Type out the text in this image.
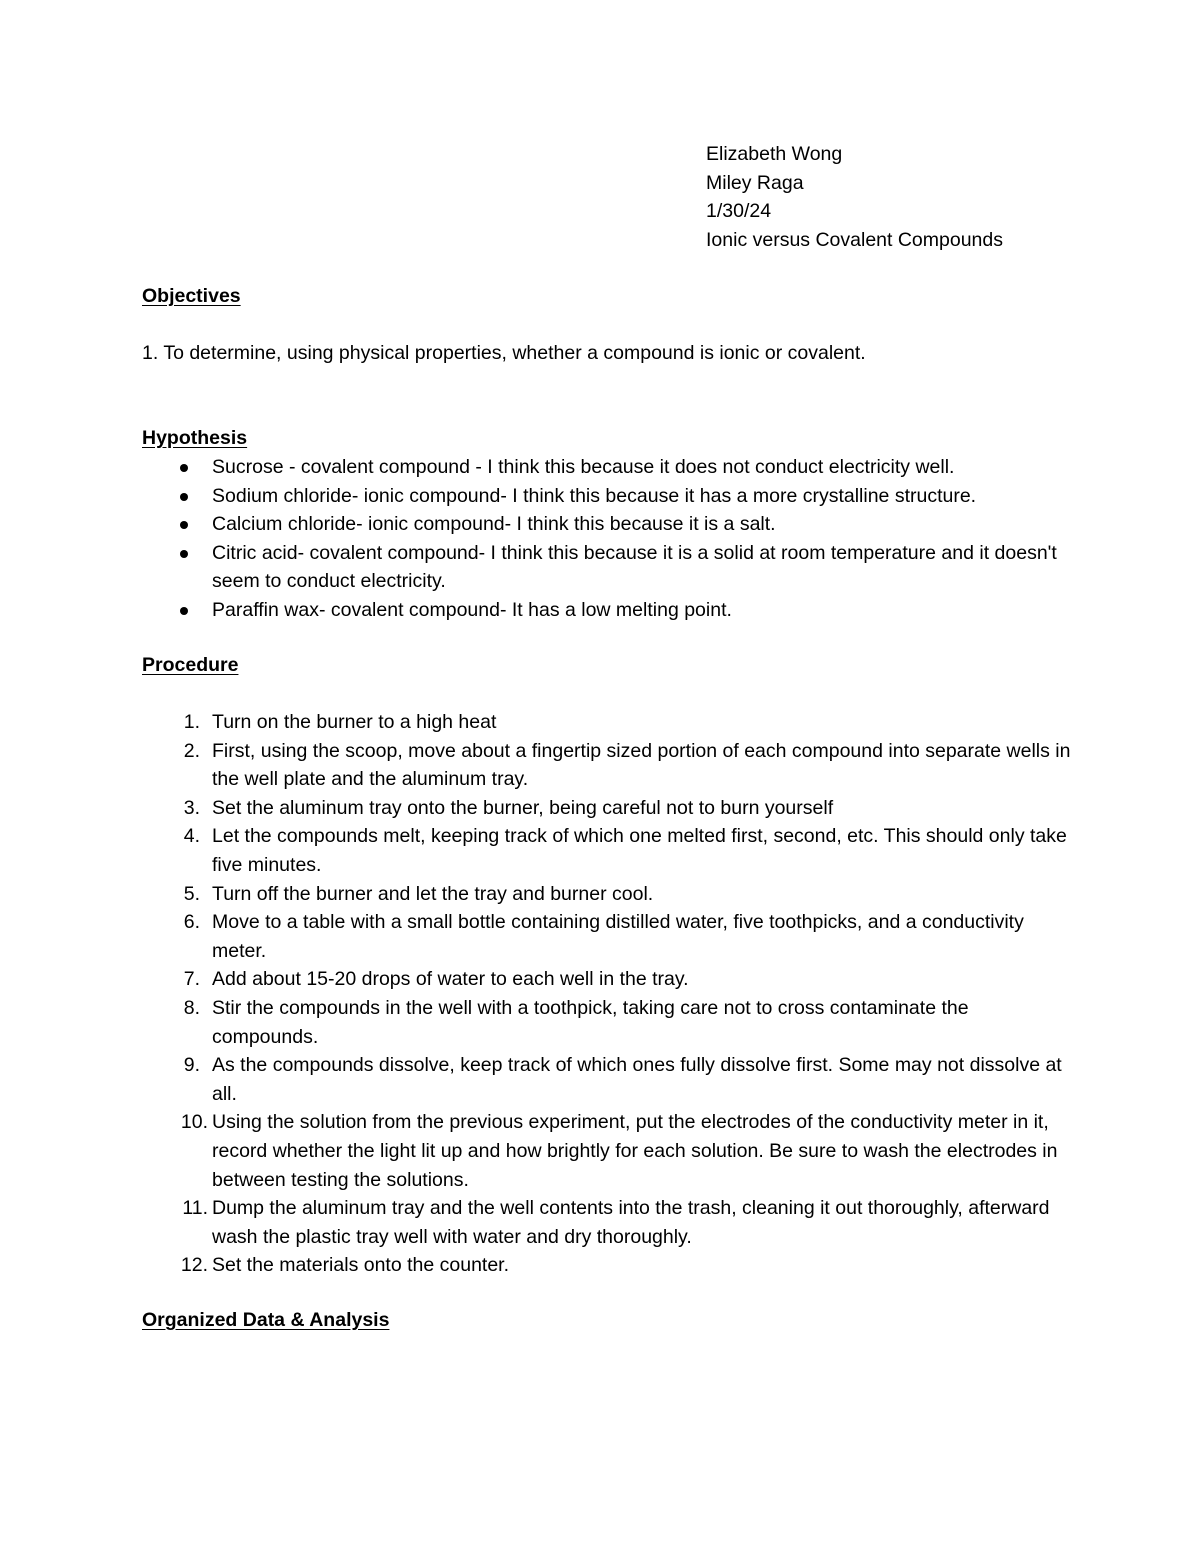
Elizabeth Wong
Miley Raga
1/30/24
Ionic versus Covalent Compounds
Objectives
1. To determine, using physical properties, whether a compound is ionic or covalent.
Hypothesis
Sucrose - covalent compound - I think this because it does not conduct electricity well.
Sodium chloride- ionic compound- I think this because it has a more crystalline structure.
Calcium chloride- ionic compound- I think this because it is a salt.
Citric acid- covalent compound- I think this because it is a solid at room temperature and it doesn't seem to conduct electricity.
Paraffin wax- covalent compound- It has a low melting point.
Procedure
1. Turn on the burner to a high heat
2. First, using the scoop, move about a fingertip sized portion of each compound into separate wells in the well plate and the aluminum tray.
3. Set the aluminum tray onto the burner, being careful not to burn yourself
4. Let the compounds melt, keeping track of which one melted first, second, etc. This should only take five minutes.
5. Turn off the burner and let the tray and burner cool.
6. Move to a table with a small bottle containing distilled water, five toothpicks, and a conductivity meter.
7. Add about 15-20 drops of water to each well in the tray.
8. Stir the compounds in the well with a toothpick, taking care not to cross contaminate the compounds.
9. As the compounds dissolve, keep track of which ones fully dissolve first. Some may not dissolve at all.
10. Using the solution from the previous experiment, put the electrodes of the conductivity meter in it, record whether the light lit up and how brightly for each solution. Be sure to wash the electrodes in between testing the solutions.
11. Dump the aluminum tray and the well contents into the trash, cleaning it out thoroughly, afterward wash the plastic tray well with water and dry thoroughly.
12. Set the materials onto the counter.
Organized Data & Analysis
